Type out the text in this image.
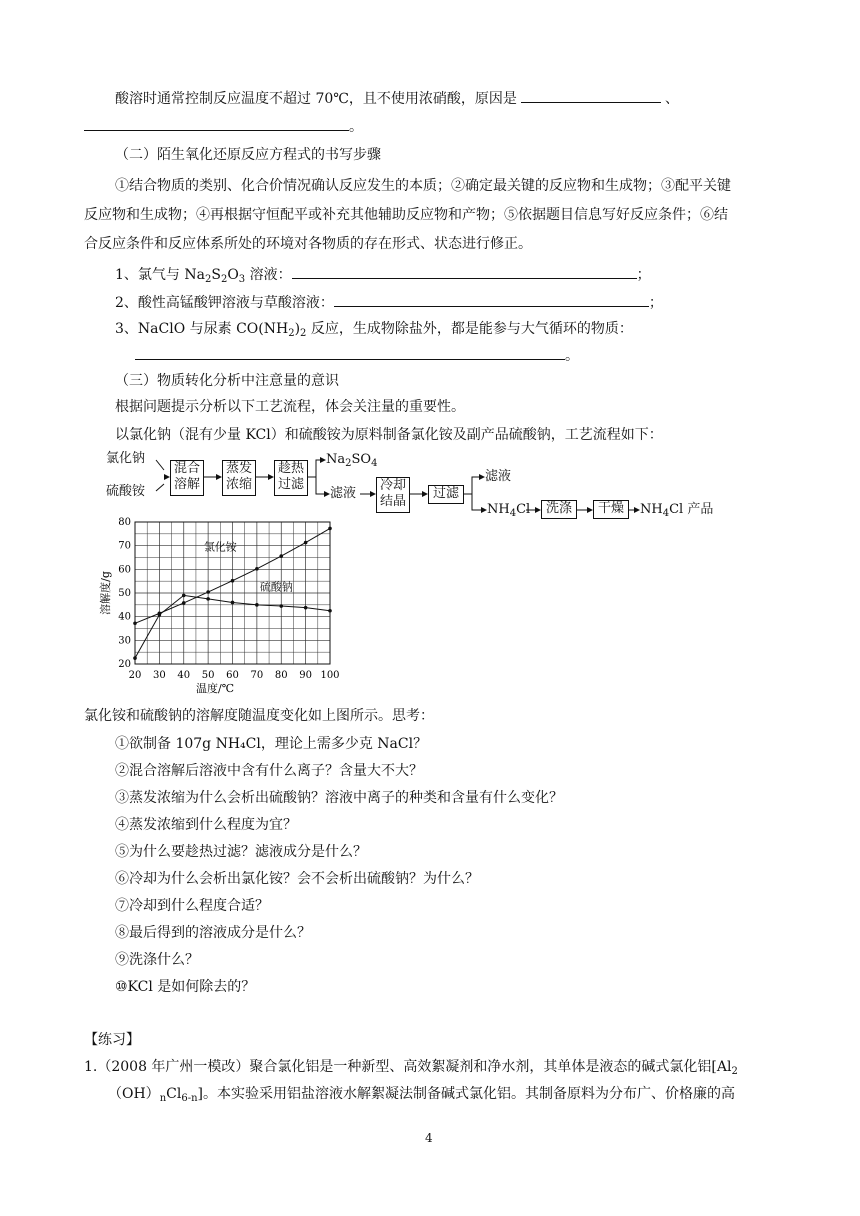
酸溶时通常控制反应温度不超过 70℃，且不使用浓硝酸，原因是	、
。
（二）陌生氧化还原反应方程式的书写步骤
①结合物质的类别、化合价情况确认反应发生的本质；②确定最关键的反应物和生成物；③配平关键
反应物和生成物；④再根据守恒配平或补充其他辅助反应物和产物；⑤依据题目信息写好反应条件；⑥结
合反应条件和反应体系所处的环境对各物质的存在形式、状态进行修正。
1、氯气与 $Na_2S_2O_3$ 溶液：	；
2、酸性高锰酸钾溶液与草酸溶液：	；
3、NaClO 与尿素 $CO(NH_2)_2$ 反应，生成物除盐外，都是能参与大气循环的物质：
。
（三）物质转化分析中注意量的意识
根据问题提示分析以下工艺流程，体会关注量的重要性。
以氯化钠（混有少量 KCl）和硫酸铵为原料制备氯化铵及副产品硫酸钠，工艺流程如下：
氯化钠
硫酸铵
混合
溶解
蒸发
浓缩
趁热
过滤
$Na_2SO_4$
滤液
冷却
结晶
过滤
滤液
$NH_4Cl$	洗涤	干燥	$NH_4Cl$ 产品
20 30 40 50 60 70 80 90 100
20
30
40
50
60
70
80
温度/℃
溶解度/g
氯化铵
硫酸钠
氯化铵和硫酸钠的溶解度随温度变化如上图所示。思考：
①欲制备 107g NH₄Cl，理论上需多少克 NaCl？
②混合溶解后溶液中含有什么离子？含量大不大？
③蒸发浓缩为什么会析出硫酸钠？溶液中离子的种类和含量有什么变化？
④蒸发浓缩到什么程度为宜？
⑤为什么要趁热过滤？滤液成分是什么？
⑥冷却为什么会析出氯化铵？会不会析出硫酸钠？为什么？
⑦冷却到什么程度合适？
⑧最后得到的溶液成分是什么？
⑨洗涤什么？
⑩KCl 是如何除去的？
【练习】
1.（2008 年广州一模改）聚合氯化铝是一种新型、高效絮凝剂和净水剂，其单体是液态的碱式氯化铝[$Al_2$
$(OH)_nCl_{6-n}$]。本实验采用铝盐溶液水解絮凝法制备碱式氯化铝。其制备原料为分布广、价格廉的高
4
